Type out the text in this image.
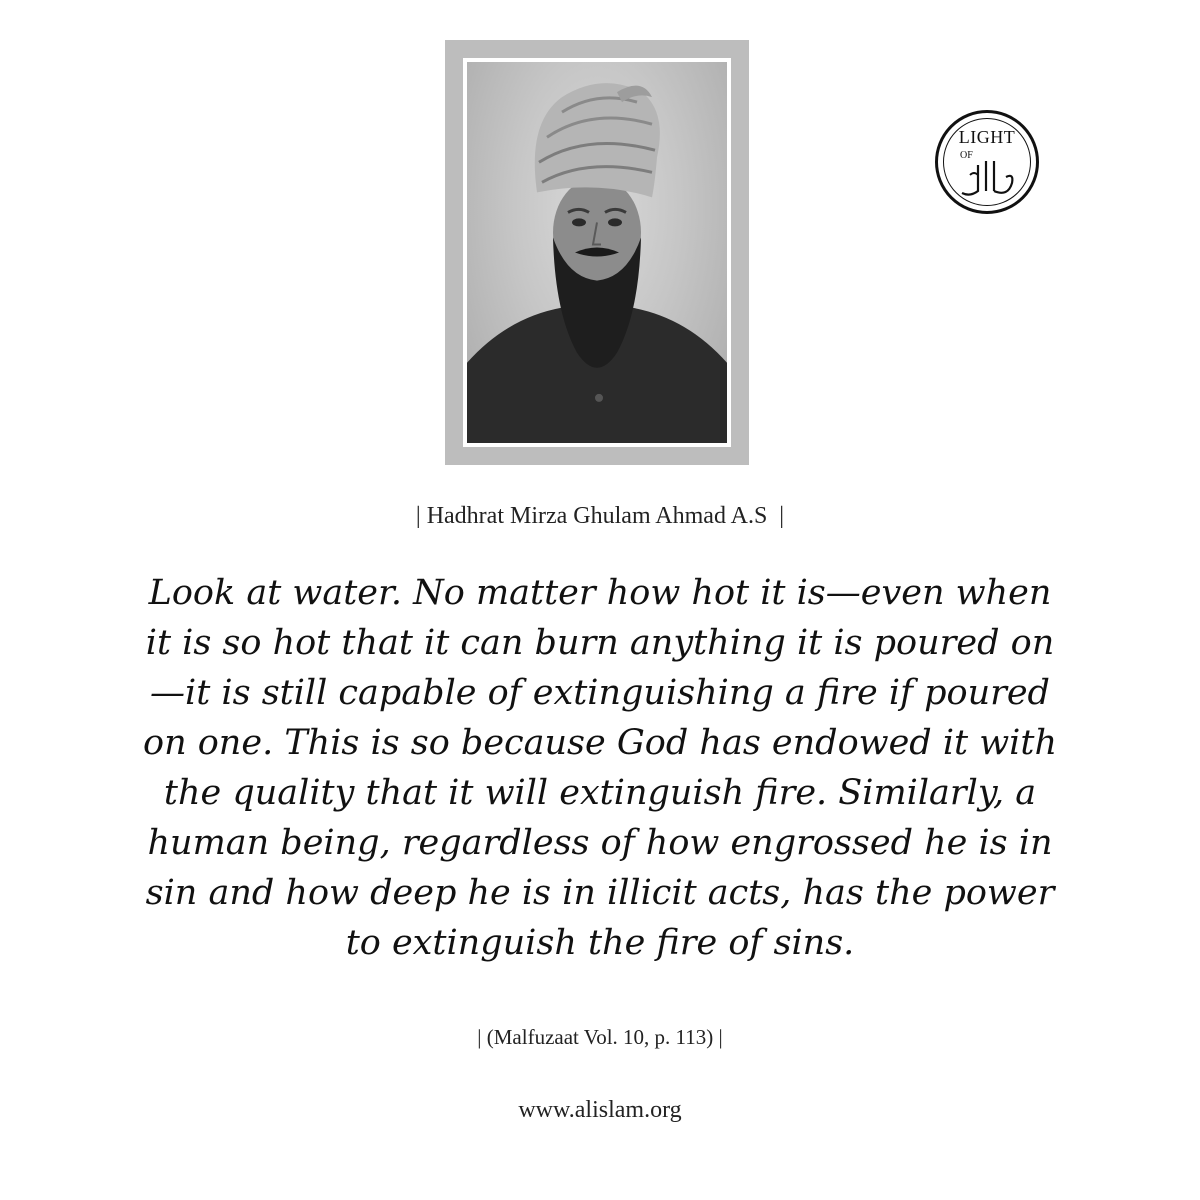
LIGHT
OF
| Hadhrat Mirza Ghulam Ahmad A.S  |
Look at water. No matter how hot it is—even when
it is so hot that it can burn anything it is poured on
—it is still capable of extinguishing a fire if poured
on one. This is so because God has endowed it with
the quality that it will extinguish fire. Similarly, a
human being, regardless of how engrossed he is in
sin and how deep he is in illicit acts, has the power
to extinguish the fire of sins.
| (Malfuzaat Vol. 10, p. 113) |
www.alislam.org
